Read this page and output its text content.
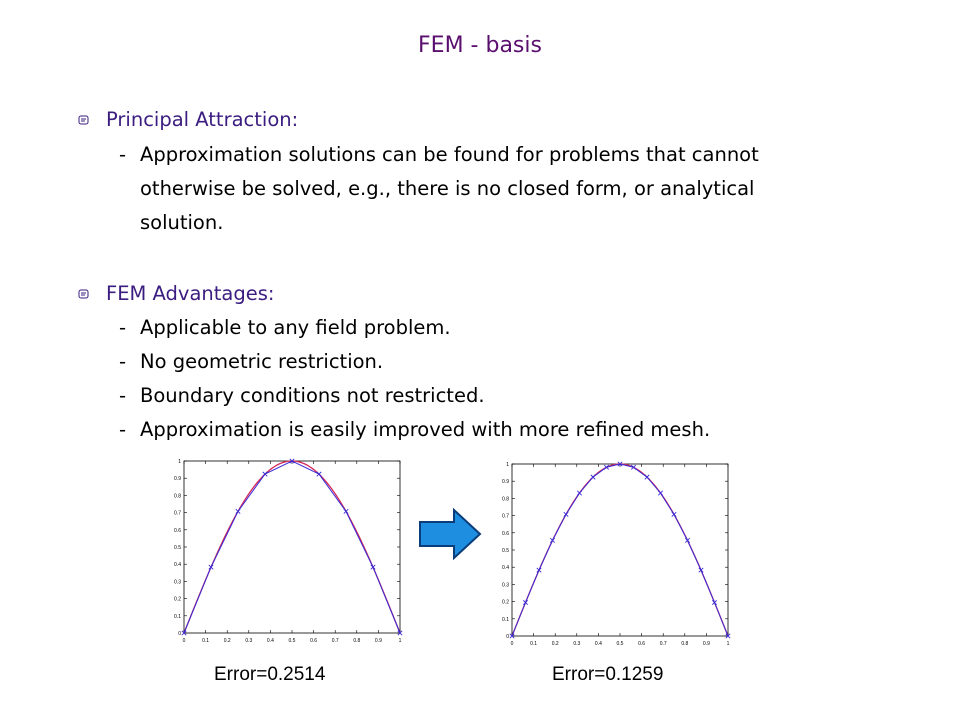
FEM - basis
Principal Attraction:
- Approximation solutions can be found for problems that cannot
otherwise be solved, e.g., there is no closed form, or analytical
solution.
FEM Advantages:
- Applicable to any field problem.
- No geometric restriction.
- Boundary conditions not restricted.
- Approximation is easily improved with more refined mesh.
0	0.1	0.2	0.3	0.4	0.5	0.6	0.7	0.8	0.9	1
0
0.1
0.2
0.3
0.4
0.5
0.6
0.7
0.8
0.9
1
0	0.1	0.2	0.3	0.4	0.5	0.6	0.7	0.8	0.9	1
0
0.1
0.2
0.3
0.4
0.5
0.6
0.7
0.8
0.9
1
Error=0.2514	Error=0.1259
